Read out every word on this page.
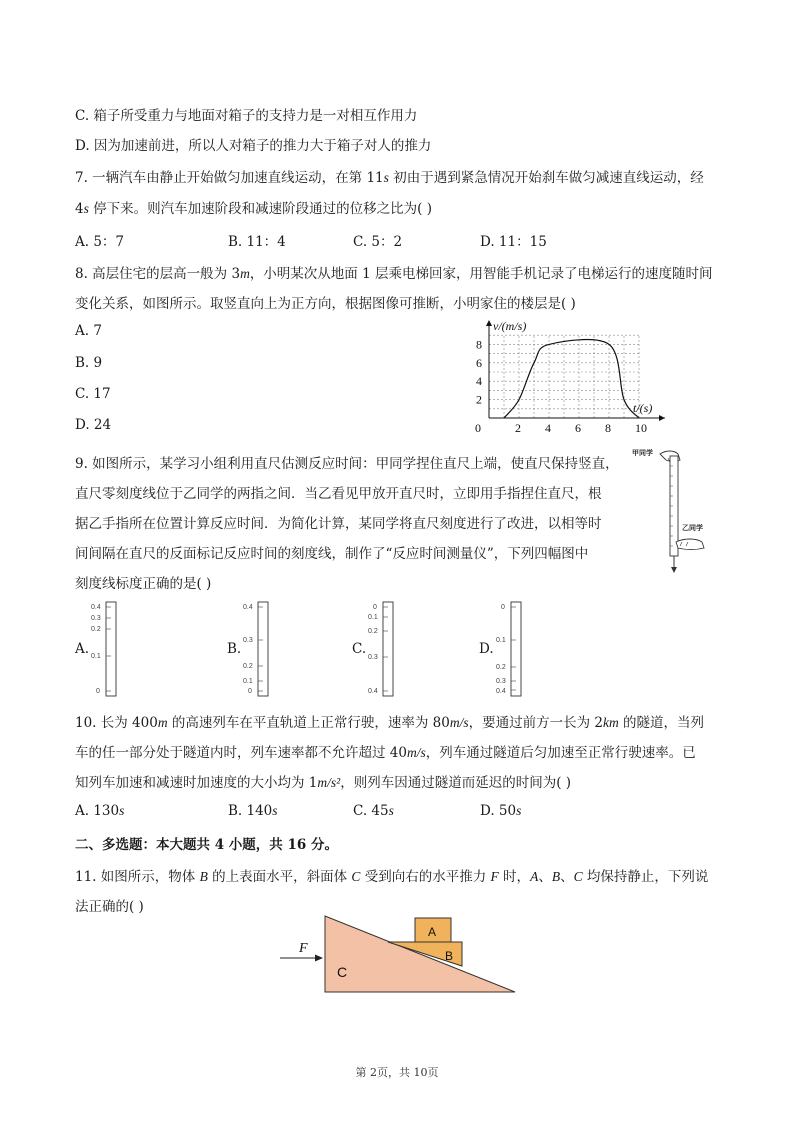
C. 箱子所受重力与地面对箱子的支持力是一对相互作用力
D. 因为加速前进，所以人对箱子的推力大于箱子对人的推力
7. 一辆汽车由静止开始做匀加速直线运动，在第 11s 初由于遇到紧急情况开始刹车做匀减速直线运动，经
4s 停下来。则汽车加速阶段和减速阶段通过的位移之比为( )
A. 5：7	B. 11：4	C. 5：2	D. 11：15
8. 高层住宅的层高一般为 3m，小明某次从地面 1 层乘电梯回家，用智能手机记录了电梯运行的速度随时间
变化关系，如图所示。取竖直向上为正方向，根据图像可推断，小明家住的楼层是( )
A. 7
B. 9
C. 17
D. 24	0	2 4 6 8 10
2
4
6
8
v/(m/s)
t/(s)
9. 如图所示，某学习小组利用直尺估测反应时间：甲同学捏住直尺上端，使直尺保持竖直，
直尺零刻度线位于乙同学的两指之间．当乙看见甲放开直尺时，立即用手指捏住直尺，根
据乙手指所在位置计算反应时间．为简化计算，某同学将直尺刻度进行了改进，以相等时
间间隔在直尺的反面标记反应时间的刻度线，制作了“反应时间测量仪”，下列四幅图中
刻度线标度正确的是( )
甲同学
乙同学
A.	B.	C.	D.
0.4
0.3
0.2
0.1
0
0.4
0.3
0.2
0.1
0
0
0.1
0.2
0.3
0.4
0
0.1
0.2
0.3
0.4
10. 长为 400m 的高速列车在平直轨道上正常行驶，速率为 80m/s，要通过前方一长为 2km 的隧道，当列
车的任一部分处于隧道内时，列车速率都不允许超过 40m/s，列车通过隧道后匀加速至正常行驶速率。已
知列车加速和减速时加速度的大小均为 1m/s²，则列车因通过隧道而延迟的时间为( )
A. 130s	B. 140s	C. 45s	D. 50s
二、多选题：本大题共 4 小题，共 16 分。
11. 如图所示，物体 B 的上表面水平，斜面体 C 受到向右的水平推力 F 时，A、B、C 均保持静止，下列说
法正确的( )
F
C
A
B
第 2页，共 10页
